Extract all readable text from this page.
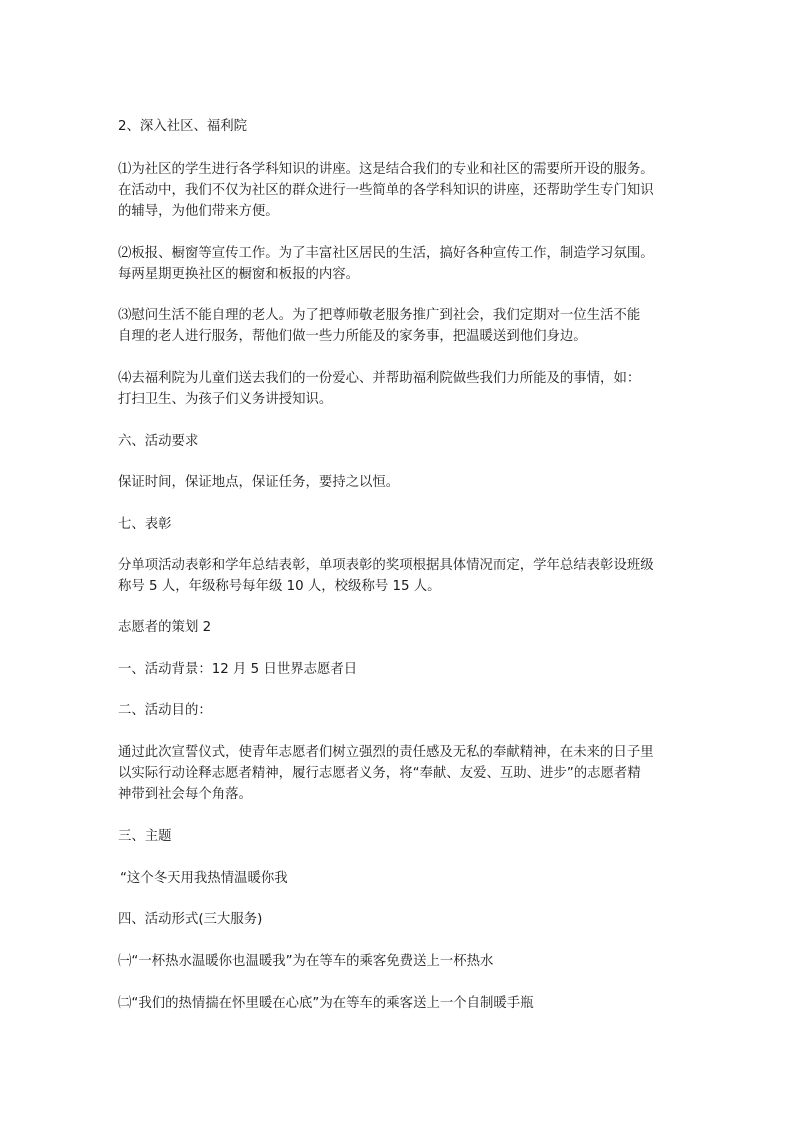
2、深入社区、福利院

⑴为社区的学生进行各学科知识的讲座。这是结合我们的专业和社区的需要所开设的服务。
在活动中，我们不仅为社区的群众进行一些简单的各学科知识的讲座，还帮助学生专门知识
的辅导，为他们带来方便。

⑵板报、橱窗等宣传工作。为了丰富社区居民的生活，搞好各种宣传工作，制造学习氛围。
每两星期更换社区的橱窗和板报的内容。

⑶慰问生活不能自理的老人。为了把尊师敬老服务推广到社会，我们定期对一位生活不能
自理的老人进行服务，帮他们做一些力所能及的家务事，把温暖送到他们身边。

⑷去福利院为儿童们送去我们的一份爱心、并帮助福利院做些我们力所能及的事情，如：
打扫卫生、为孩子们义务讲授知识。

六、活动要求

保证时间，保证地点，保证任务，要持之以恒。

七、表彰

分单项活动表彰和学年总结表彰，单项表彰的奖项根据具体情况而定，学年总结表彰设班级
称号 5 人，年级称号每年级 10 人，校级称号 15 人。

志愿者的策划 2

一、活动背景：12 月 5 日世界志愿者日

二、活动目的：

通过此次宣誓仪式，使青年志愿者们树立强烈的责任感及无私的奉献精神，在未来的日子里
以实际行动诠释志愿者精神，履行志愿者义务，将“奉献、友爱、互助、进步”的志愿者精
神带到社会每个角落。

三、主题

“这个冬天用我热情温暖你我

四、活动形式(三大服务)

㈠“一杯热水温暖你也温暖我”为在等车的乘客免费送上一杯热水

㈡“我们的热情揣在怀里暖在心底”为在等车的乘客送上一个自制暖手瓶
